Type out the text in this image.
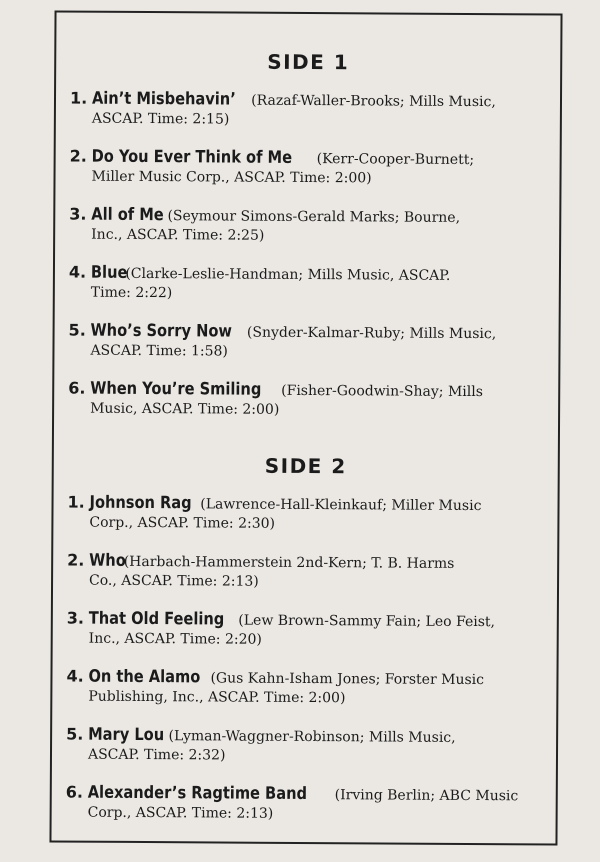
SIDE 1
1. Ain’t Misbehavin’ (Razaf-Waller-Brooks; Mills Music,
ASCAP. Time: 2:15)
2. Do You Ever Think of Me (Kerr-Cooper-Burnett;
Miller Music Corp., ASCAP. Time: 2:00)
3. All of Me (Seymour Simons-Gerald Marks; Bourne,
Inc., ASCAP. Time: 2:25)
4. Blue(Clarke-Leslie-Handman; Mills Music, ASCAP.
Time: 2:22)
5. Who’s Sorry Now (Snyder-Kalmar-Ruby; Mills Music,
ASCAP. Time: 1:58)
6. When You’re Smiling (Fisher-Goodwin-Shay; Mills
Music, ASCAP. Time: 2:00)
SIDE 2
1. Johnson Rag (Lawrence-Hall-Kleinkauf; Miller Music
Corp., ASCAP. Time: 2:30)
2. Who(Harbach-Hammerstein 2nd-Kern; T. B. Harms
Co., ASCAP. Time: 2:13)
3. That Old Feeling (Lew Brown-Sammy Fain; Leo Feist,
Inc., ASCAP. Time: 2:20)
4. On the Alamo (Gus Kahn-Isham Jones; Forster Music
Publishing, Inc., ASCAP. Time: 2:00)
5. Mary Lou (Lyman-Waggner-Robinson; Mills Music,
ASCAP. Time: 2:32)
6. Alexander’s Ragtime Band (Irving Berlin; ABC Music
Corp., ASCAP. Time: 2:13)
